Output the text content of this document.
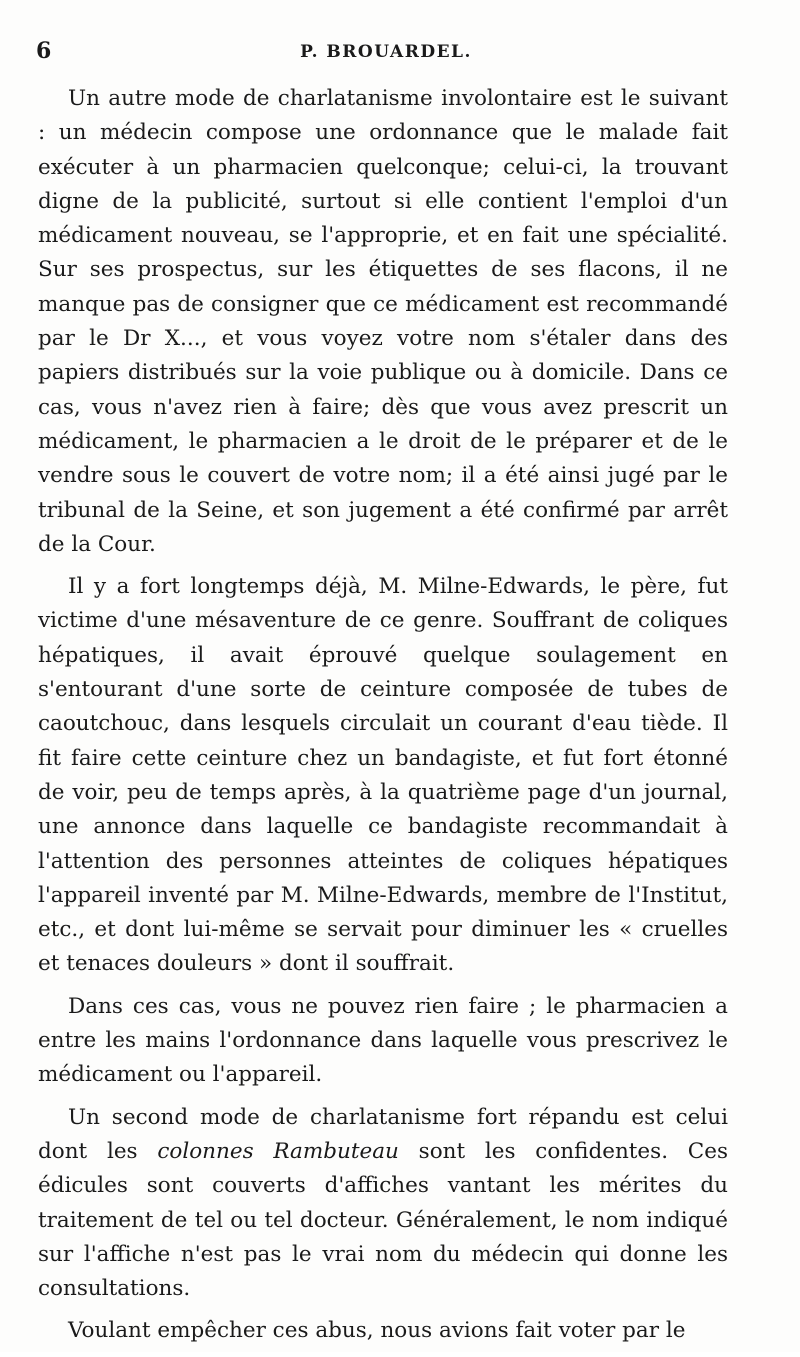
6	P. BROUARDEL.

Un autre mode de charlatanisme involontaire est le suivant : un médecin compose une ordonnance que le malade fait exécuter à un pharmacien quelconque; celui-ci, la trouvant digne de la publicité, surtout si elle contient l'emploi d'un médicament nouveau, se l'approprie, et en fait une spécialité. Sur ses prospectus, sur les étiquettes de ses flacons, il ne manque pas de consigner que ce médicament est recommandé par le Dr X..., et vous voyez votre nom s'étaler dans des papiers distribués sur la voie publique ou à domicile. Dans ce cas, vous n'avez rien à faire; dès que vous avez prescrit un médicament, le pharmacien a le droit de le préparer et de le vendre sous le couvert de votre nom; il a été ainsi jugé par le tribunal de la Seine, et son jugement a été confirmé par arrêt de la Cour.

Il y a fort longtemps déjà, M. Milne-Edwards, le père, fut victime d'une mésaventure de ce genre. Souffrant de coliques hépatiques, il avait éprouvé quelque soulagement en s'entourant d'une sorte de ceinture composée de tubes de caoutchouc, dans lesquels circulait un courant d'eau tiède. Il fit faire cette ceinture chez un bandagiste, et fut fort étonné de voir, peu de temps après, à la quatrième page d'un journal, une annonce dans laquelle ce bandagiste recommandait à l'attention des personnes atteintes de coliques hépatiques l'appareil inventé par M. Milne-Edwards, membre de l'Institut, etc., et dont lui-même se servait pour diminuer les « cruelles et tenaces douleurs » dont il souffrait.

Dans ces cas, vous ne pouvez rien faire ; le pharmacien a entre les mains l'ordonnance dans laquelle vous prescrivez le médicament ou l'appareil.

Un second mode de charlatanisme fort répandu est celui dont les colonnes Rambuteau sont les confidentes. Ces édicules sont couverts d'affiches vantant les mérites du traitement de tel ou tel docteur. Généralement, le nom indiqué sur l'affiche n'est pas le vrai nom du médecin qui donne les consultations.

Voulant empêcher ces abus, nous avions fait voter par le
